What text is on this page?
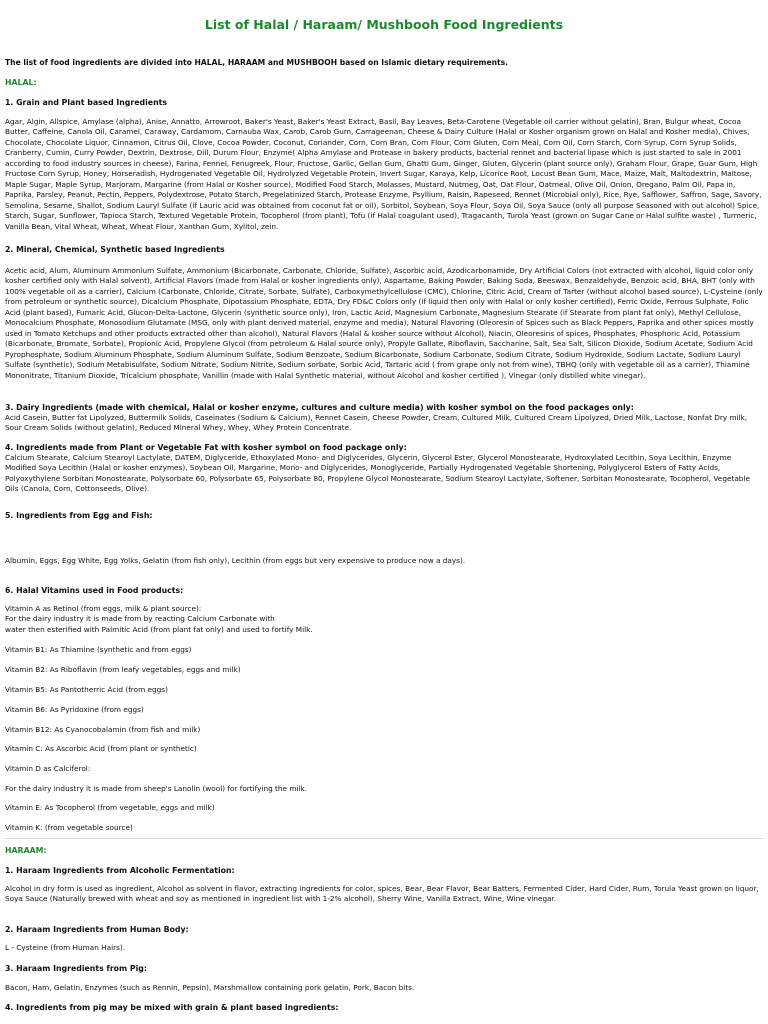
List of Halal / Haraam/ Mushbooh Food Ingredients
The list of food ingredients are divided into HALAL, HARAAM and MUSHBOOH based on Islamic dietary requirements.
HALAL:
1. Grain and Plant based Ingredients
Agar, Algin, Allspice, Amylase (alpha), Anise, Annatto, Arrowroot, Baker's Yeast, Baker's Yeast Extract, Basil, Bay Leaves, Beta-Carotene (Vegetable oil carrier without gelatin), Bran, Bulgur wheat, Cocoa Butter, Caffeine, Canola Oil, Caramel, Caraway, Cardamom, Carnauba Wax, Carob, Carob Gum, Carrageenan, Cheese & Dairy Culture (Halal or Kosher organism grown on Halal and Kosher media), Chives, Chocolate, Chocolate Liquor, Cinnamon, Citrus Oil, Clove, Cocoa Powder, Coconut, Coriander, Corn, Corn Bran, Corn Flour, Corn Gluten, Corn Meal, Corn Oil, Corn Starch, Corn Syrup, Corn Syrup Solids, Cranberry, Cumin, Curry Powder, Dextrin, Dextrose, Dill, Durum Flour, Enzyme( Alpha Amylase and Protease in bakery products, bacterial rennet and bacterial lipase which is just started to sale in 2001 according to food industry sources in cheese), Farina, Fennel, Fenugreek, Flour, Fructose, Garlic, Gellan Gum, Ghatti Gum, Ginger, Gluten, Glycerin (plant source only), Graham Flour, Grape, Guar Gum, High Fructose Corn Syrup, Honey, Horseradish, Hydrogenated Vegetable Oil, Hydrolyzed Vegetable Protein, Invert Sugar, Karaya, Kelp, Licorice Root, Locust Bean Gum, Mace, Maize, Malt, Maltodextrin, Maltose, Maple Sugar, Maple Syrup, Marjoram, Margarine (from Halal or Kosher source), Modified Food Starch, Molasses, Mustard, Nutmeg, Oat, Oat Flour, Oatmeal, Olive Oil, Onion, Oregano, Palm Oil, Papa in, Paprika, Parsley, Peanut, Pectin, Peppers, Polydextrose, Potato Starch, Pregelatinized Starch, Protease Enzyme, Psyllium, Raisin, Rapeseed, Rennet (Microbial only), Rice, Rye, Safflower, Saffron, Sage, Savory, Semolina, Sesame, Shallot, Sodium Lauryl Sulfate (if Lauric acid was obtained from coconut fat or oil), Sorbitol, Soybean, Soya Flour, Soya Oil, Soya Sauce (only all purpose Seasoned with out alcohol) Spice, Starch, Sugar, Sunflower, Tapioca Starch, Textured Vegetable Protein, Tocopherol (from plant), Tofu (if Halal coagulant used), Tragacanth, Turola Yeast (grown on Sugar Cane or Halal sulfite waste) , Turmeric, Vanilla Bean, Vital Wheat, Wheat, Wheat Flour, Xanthan Gum, Xylitol, zein.
2. Mineral, Chemical, Synthetic based Ingredients
Acetic acid, Alum, Aluminum Ammonium Sulfate, Ammonium (Bicarbonate, Carbonate, Chloride, Sulfate), Ascorbic acid, Azodicarbonamide, Dry Artificial Colors (not extracted with alcohol, liquid color only kosher certified only with Halal solvent), Artificial Flavors (made from Halal or kosher ingredients only), Aspartame, Baking Powder, Baking Soda, Beeswax, Benzaldehyde, Benzoic acid, BHA, BHT (only with 100% vegetable oil as a carrier), Calcium (Carbonate, Chloride, Citrate, Sorbate, Sulfate), Carboxymethylcellulose (CMC), Chlorine, Citric Acid, Cream of Tarter (without alcohol based source), L-Cysteine (only from petroleum or synthetic source), Dicalcium Phosphate, Dipotassium Phosphate, EDTA, Dry FD&C Colors only (if liquid then only with Halal or only kosher certified), Ferric Oxide, Ferrous Sulphate, Folic Acid (plant based), Fumaric Acid, Glucon-Delta-Lactone, Glycerin (synthetic source only), Iron, Lactic Acid, Magnesium Carbonate, Magnesium Stearate (if Stearate from plant fat only), Methyl Cellulose, Monocalcium Phosphate, Monosodium Glutamate (MSG, only with plant derived material, enzyme and media), Natural Flavoring (Oleoresin of Spices such as Black Peppers, Paprika and other spices mostly used in Tomato Ketchups and other products extracted other than alcohol), Natural Flavors (Halal & kosher source without Alcohol), Niacin, Oleoresins of spices, Phosphates, Phosphoric Acid, Potassium (Bicarbonate, Bromate, Sorbate), Propionic Acid, Propylene Glycol (from petroleum & Halal source only), Propyle Gallate, Riboflavin, Saccharine, Salt, Sea Salt, Silicon Dioxide, Sodium Acetate, Sodium Acid Pyrophosphate, Sodium Aluminum Phosphate, Sodium Aluminum Sulfate, Sodium Benzoate, Sodium Bicarbonate, Sodium Carbonate, Sodium Citrate, Sodium Hydroxide, Sodium Lactate, Sodium Lauryl Sulfate (synthetic), Sodium Metabisulfate, Sodium Nitrate, Sodium Nitrite, Sodium sorbate, Sorbic Acid, Tartaric acid ( from grape only not from wine), TBHQ (only with vegetable oil as a carrier), Thiamine Mononitrate, Titanium Dioxide, Tricalcium phosphate, Vanillin (made with Halal Synthetic material, without Alcohol and kosher certified ), Vinegar (only distilled white vinegar).
3. Dairy Ingredients (made with chemical, Halal or kosher enzyme, cultures and culture media) with kosher symbol on the food packages only:
Acid Casein, Butter fat Lipolyzed, Buttermilk Solids, Caseinates (Sodium & Calcium), Rennet Casein, Cheese Powder, Cream, Cultured Milk, Cultured Cream Lipolyzed, Dried Milk, Lactose, Nonfat Dry milk, Sour Cream Solids (without gelatin), Reduced Mineral Whey, Whey, Whey Protein Concentrate.
4. Ingredients made from Plant or Vegetable Fat with kosher symbol on food package only:
Calcium Stearate, Calcium Stearoyl Lactylate, DATEM, Diglyceride, Ethoxylated Mono- and Diglycerides, Glycerin, Glycerol Ester, Glycerol Monostearate, Hydroxylated Lecithin, Soya Lecithin, Enzyme Modified Soya Lecithin (Halal or kosher enzymes), Soybean Oil, Margarine, Mono- and Diglycerides, Monoglyceride, Partially Hydrogenated Vegetable Shortening, Polyglycerol Esters of Fatty Acids, Polyoxythylene Sorbitan Monostearate, Polysorbate 60, Polysorbate 65, Polysorbate 80, Propylene Glycol Monostearate, Sodium Stearoyl Lactylate, Softener, Sorbitan Monostearate, Tocopherol, Vegetable Oils (Canola, Corn, Cottonseeds, Olive).
5. Ingredients from Egg and Fish:
Albumin, Eggs, Egg White, Egg Yolks, Gelatin (from fish only), Lecithin (from eggs but very expensive to produce now a days).
6. Halal Vitamins used in Food products:
Vitamin A as Retinol (from eggs, milk & plant source):
For the dairy industry it is made from by reacting Calcium Carbonate with
water then esterified with Palmitic Acid (from plant fat only) and used to fortify Milk.
Vitamin B1: As Thiamine (synthetic and from eggs)
Vitamin B2: As Riboflavin (from leafy vegetables, eggs and milk)
Vitamin B5: As Pantotherric Acid (from eggs)
Vitamin B6: As Pyridoxine (from eggs)
Vitamin B12: As Cyanocobalamin (from fish and milk)
Vitamin C: As Ascorbic Acid (from plant or synthetic)
Vitamin D as Calciferol:
For the dairy industry it is made from sheep's Lanolin (wool) for fortifying the milk.
Vitamin E: As Tocopherol (from vegetable, eggs and milk)
Vitamin K: (from vegetable source)
HARAAM:
1. Haraam Ingredients from Alcoholic Fermentation:
Alcohol in dry form is used as ingredient, Alcohol as solvent in flavor, extracting ingredients for color, spices, Bear, Bear Flavor, Bear Batters, Fermented Cider, Hard Cider, Rum, Torula Yeast grown on liquor, Soya Sauce (Naturally brewed with wheat and soy as mentioned in ingredient list with 1-2% alcohol), Sherry Wine, Vanilla Extract, Wine, Wine vinegar.
2. Haraam Ingredients from Human Body:
L - Cysteine (from Human Hairs).
3. Haraam Ingredients from Pig:
Bacon, Ham, Gelatin, Enzymes (such as Rennin, Pepsin), Marshmallow containing pork gelatin, Pork, Bacon bits.
4. Ingredients from pig may be mixed with grain & plant based ingredients:
